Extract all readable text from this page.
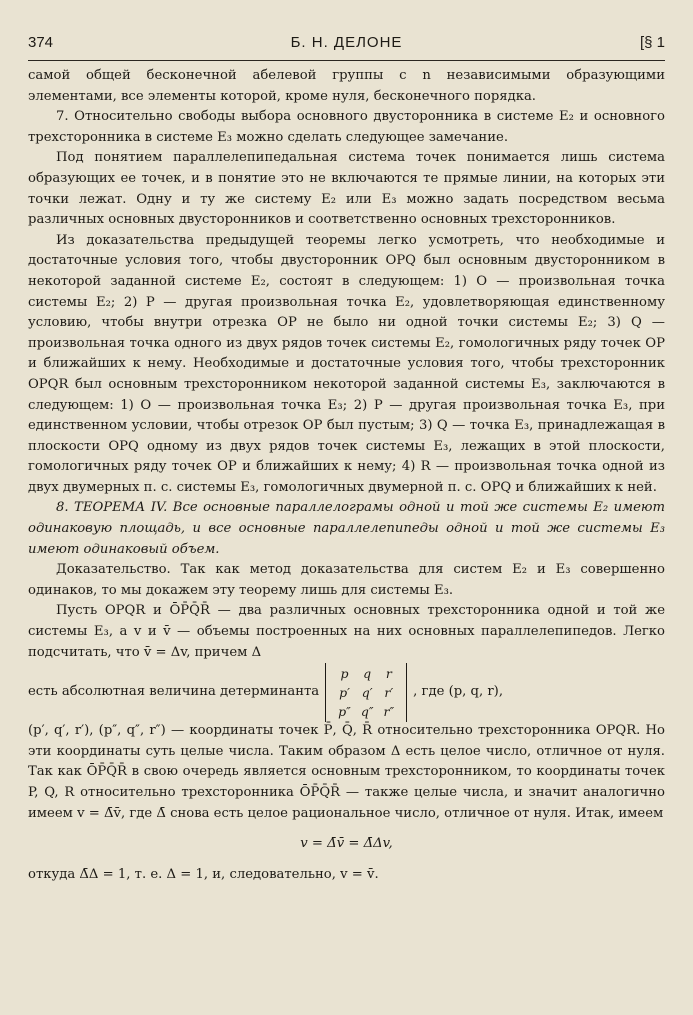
374	Б. Н. ДЕЛОНЕ	[§ 1

самой общей бесконечной абелевой группы с n независимыми образующими элементами, все элементы которой, кроме нуля, бесконечного порядка.

7. Относительно свободы выбора основного двусторонника в системе E₂ и основного трехсторонника в системе E₃ можно сделать следующее замечание.

Под понятием параллелепипедальная система точек понимается лишь система образующих ее точек, и в понятие это не включаются те прямые линии, на которых эти точки лежат. Одну и ту же систему E₂ или E₃ можно задать посредством весьма различных основных двусторонников и соответственно основных трехсторонников.

Из доказательства предыдущей теоремы легко усмотреть, что необходимые и достаточные условия того, чтобы двусторонник OPQ был основным двусторонником в некоторой заданной системе E₂, состоят в следующем: 1) O — произвольная точка системы E₂; 2) P — другая произвольная точка E₂, удовлетворяющая единственному условию, чтобы внутри отрезка OP не было ни одной точки системы E₂; 3) Q — произвольная точка одного из двух рядов точек системы E₂, гомологичных ряду точек OP и ближайших к нему. Необходимые и достаточные условия того, чтобы трехсторонник OPQR был основным трехсторонником некоторой заданной системы E₃, заключаются в следующем: 1) O — произвольная точка E₃; 2) P — другая произвольная точка E₃, при единственном условии, чтобы отрезок OP был пустым; 3) Q — точка E₃, принадлежащая в плоскости OPQ одному из двух рядов точек системы E₃, лежащих в этой плоскости, гомологичных ряду точек OP и ближайших к нему; 4) R — произвольная точка одной из двух двумерных п. с. системы E₃, гомологичных двумерной п. с. OPQ и ближайших к ней.

8. ТЕОРЕМА IV. Все основные параллелограмы одной и той же системы E₂ имеют одинаковую площадь, и все основные параллелепипеды одной и той же системы E₃ имеют одинаковый объем.

Доказательство. Так как метод доказательства для систем E₂ и E₃ совершенно одинаков, то мы докажем эту теорему лишь для системы E₃.

Пусть OPQR и ŌP̄Q̄R̄ — два различных основных трехсторонника одной и той же системы E₃, а v и v̄ — объемы построенных на них основных параллелепипедов. Легко подсчитать, что v̄ = Δv, причем Δ

есть абсолютная величина детерминанта
p	q	r
p′	q′	r′
p″	q″	r″
, где (p, q, r),

(p′, q′, r′), (p″, q″, r″) — координаты точек P̄, Q̄, R̄ относительно трехсторонника OPQR. Но эти координаты суть целые числа. Таким образом Δ есть целое число, отличное от нуля. Так как ŌP̄Q̄R̄ в свою очередь является основным трехсторонником, то координаты точек P, Q, R относительно трехсторонника ŌP̄Q̄R̄ — также целые числа, и значит аналогично имеем v = Δ̄v̄, где Δ̄ снова есть целое рациональное число, отличное от нуля. Итак, имеем

v = Δ̄v̄ = Δ̄Δv,

откуда Δ̄Δ = 1, т. е. Δ = 1, и, следовательно, v = v̄.
